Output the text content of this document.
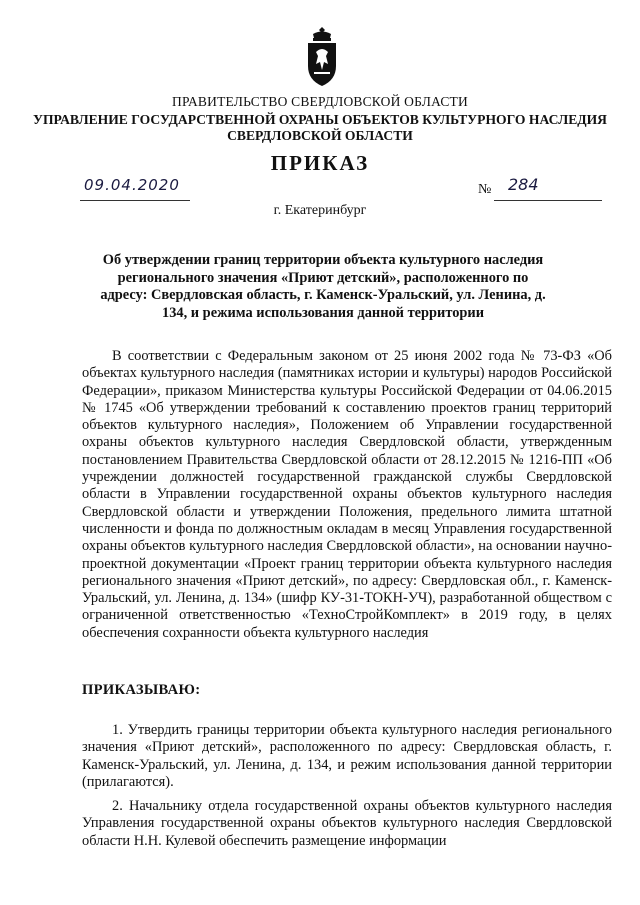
ПРАВИТЕЛЬСТВО СВЕРДЛОВСКОЙ ОБЛАСТИ
УПРАВЛЕНИЕ ГОСУДАРСТВЕННОЙ ОХРАНЫ ОБЪЕКТОВ КУЛЬТУРНОГО НАСЛЕДИЯ СВЕРДЛОВСКОЙ ОБЛАСТИ
ПРИКАЗ
09.04.2020	№ 284
г. Екатеринбург
Об утверждении границ территории объекта культурного наследия регионального значения «Приют детский», расположенного по адресу: Свердловская область, г. Каменск-Уральский, ул. Ленина, д. 134, и режима использования данной территории
В соответствии с Федеральным законом от 25 июня 2002 года № 73-ФЗ «Об объектах культурного наследия (памятниках истории и культуры) народов Российской Федерации», приказом Министерства культуры Российской Федерации от 04.06.2015 № 1745 «Об утверждении требований к составлению проектов границ территорий объектов культурного наследия», Положением об Управлении государственной охраны объектов культурного наследия Свердловской области, утвержденным постановлением Правительства Свердловской области от 28.12.2015 № 1216-ПП «Об учреждении должностей государственной гражданской службы Свердловской области в Управлении государственной охраны объектов культурного наследия Свердловской области и утверждении Положения, предельного лимита штатной численности и фонда по должностным окладам в месяц Управления государственной охраны объектов культурного наследия Свердловской области», на основании научно-проектной документации «Проект границ территории объекта культурного наследия регионального значения «Приют детский», по адресу: Свердловская обл., г. Каменск-Уральский, ул. Ленина, д. 134» (шифр КУ-31-ТОКН-УЧ), разработанной обществом с ограниченной ответственностью «ТехноСтройКомплект» в 2019 году, в целях обеспечения сохранности объекта культурного наследия
ПРИКАЗЫВАЮ:
1. Утвердить границы территории объекта культурного наследия регионального значения «Приют детский», расположенного по адресу: Свердловская область, г. Каменск-Уральский, ул. Ленина, д. 134, и режим использования данной территории (прилагаются).
2. Начальнику отдела государственной охраны объектов культурного наследия Управления государственной охраны объектов культурного наследия Свердловской области Н.Н. Кулевой обеспечить размещение информации
